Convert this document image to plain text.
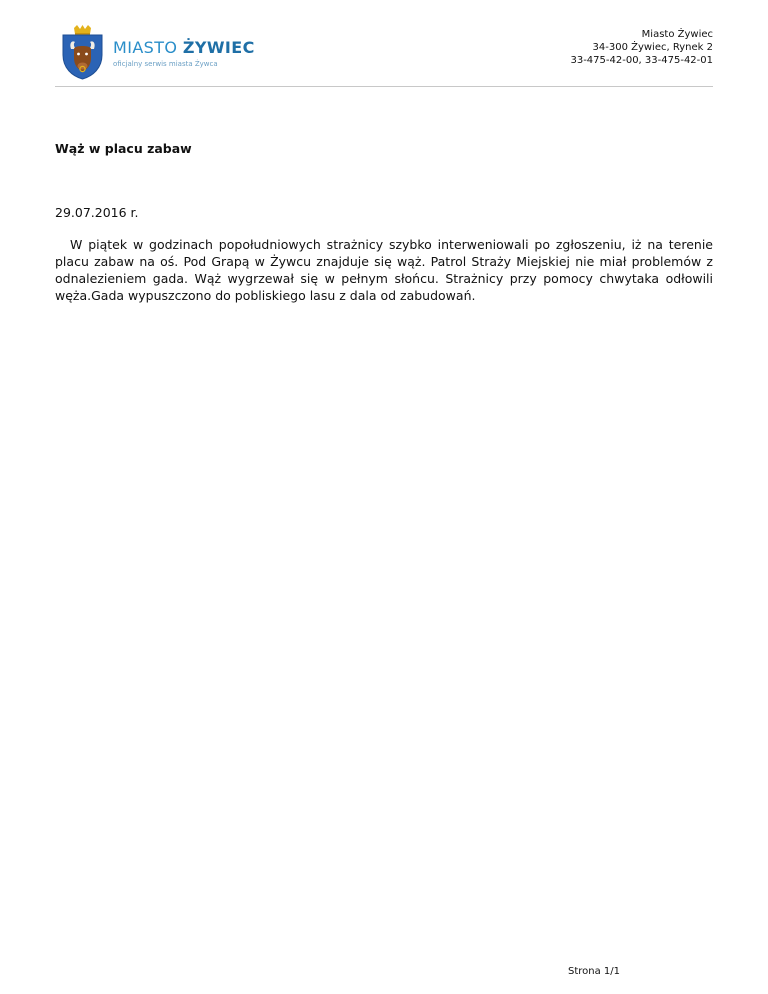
MIASTO ŻYWIEC
oficjalny serwis miasta Żywca
Miasto Żywiec
34-300 Żywiec, Rynek 2
33-475-42-00, 33-475-42-01
Wąż w placu zabaw
29.07.2016 r.

W piątek w godzinach popołudniowych strażnicy szybko interweniowali po zgłoszeniu, iż na terenie placu zabaw na oś. Pod Grapą w Żywcu znajduje się wąż. Patrol Straży Miejskiej nie miał problemów z odnalezieniem gada. Wąż wygrzewał się w pełnym słońcu. Strażnicy przy pomocy chwytaka odłowili węża.Gada wypuszczono do pobliskiego lasu z dala od zabudowań.

Strona 1/1
